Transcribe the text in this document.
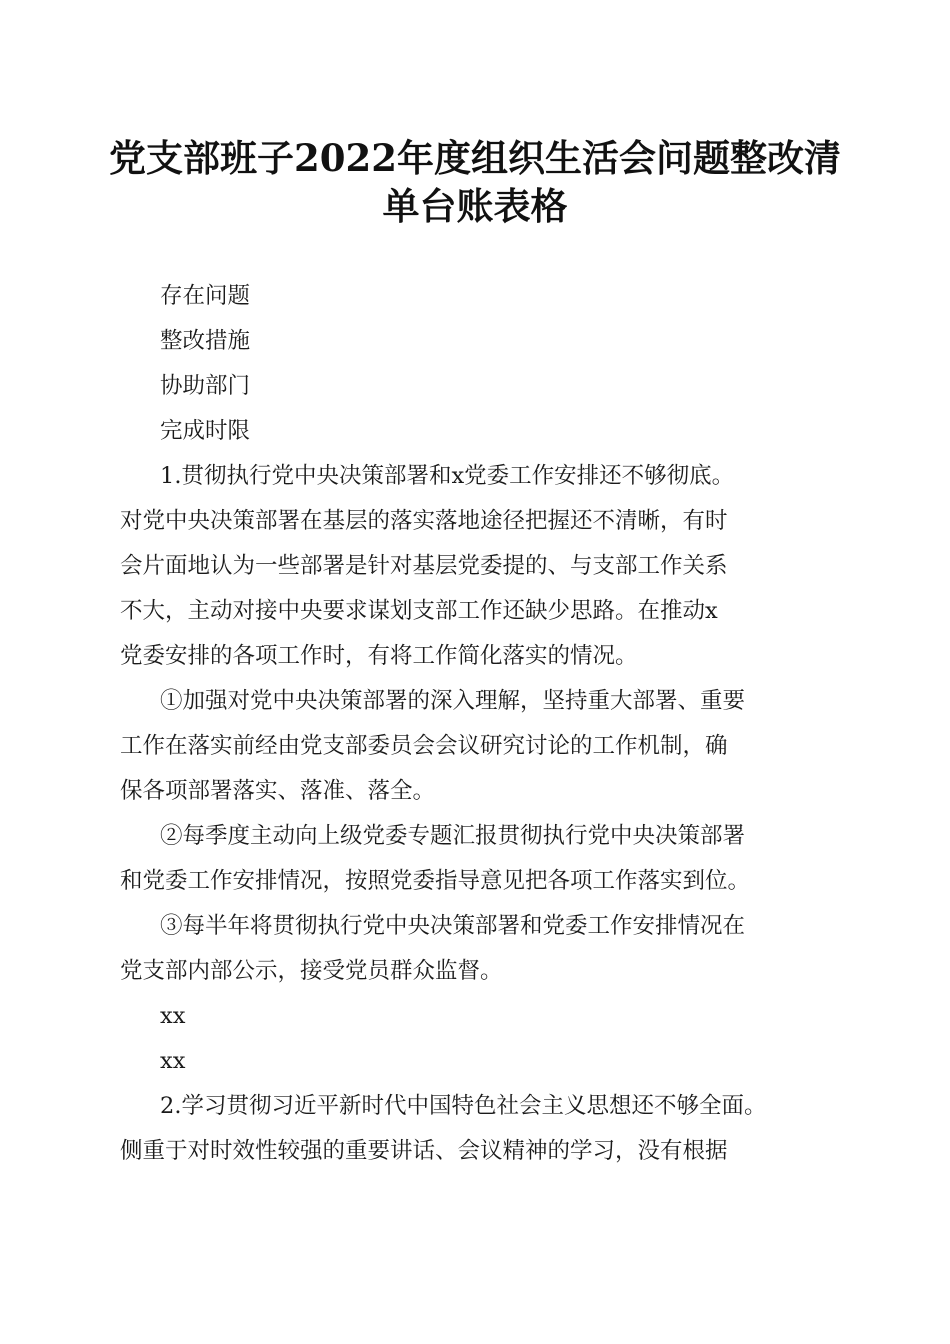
党支部班子2022年度组织生活会问题整改清
单台账表格
存在问题
整改措施
协助部门
完成时限
1.贯彻执行党中央决策部署和x党委工作安排还不够彻底。
对党中央决策部署在基层的落实落地途径把握还不清晰，有时
会片面地认为一些部署是针对基层党委提的、与支部工作关系
不大，主动对接中央要求谋划支部工作还缺少思路。在推动x
党委安排的各项工作时，有将工作简化落实的情况。
①加强对党中央决策部署的深入理解，坚持重大部署、重要
工作在落实前经由党支部委员会会议研究讨论的工作机制，确
保各项部署落实、落准、落全。
②每季度主动向上级党委专题汇报贯彻执行党中央决策部署
和党委工作安排情况，按照党委指导意见把各项工作落实到位。
③每半年将贯彻执行党中央决策部署和党委工作安排情况在
党支部内部公示，接受党员群众监督。
xx
xx
2.学习贯彻习近平新时代中国特色社会主义思想还不够全面。
侧重于对时效性较强的重要讲话、会议精神的学习，没有根据
